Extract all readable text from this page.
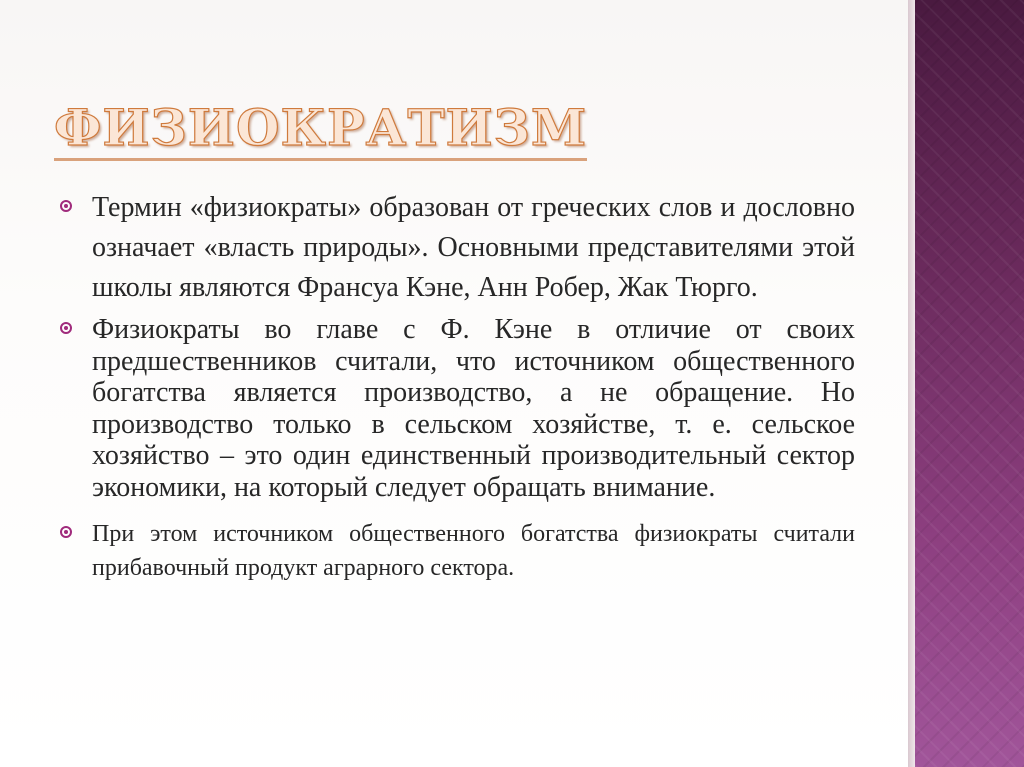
ФИЗИОКРАТИЗМ
Термин «физиократы» образован от греческих слов и дословно означает «власть природы». Основными представителями этой школы являются Франсуа Кэне, Анн Робер, Жак Тюрго.
Физиократы во главе с Ф. Кэне в отличие от своих предшественников считали, что источником общественного богатства является производство, а не обращение. Но производство только в сельском хозяйстве, т. е. сельское хозяйство – это один единственный производительный сектор экономики, на который следует обращать внимание.
При этом источником общественного богатства физиократы считали прибавочный продукт аграрного сектора.
